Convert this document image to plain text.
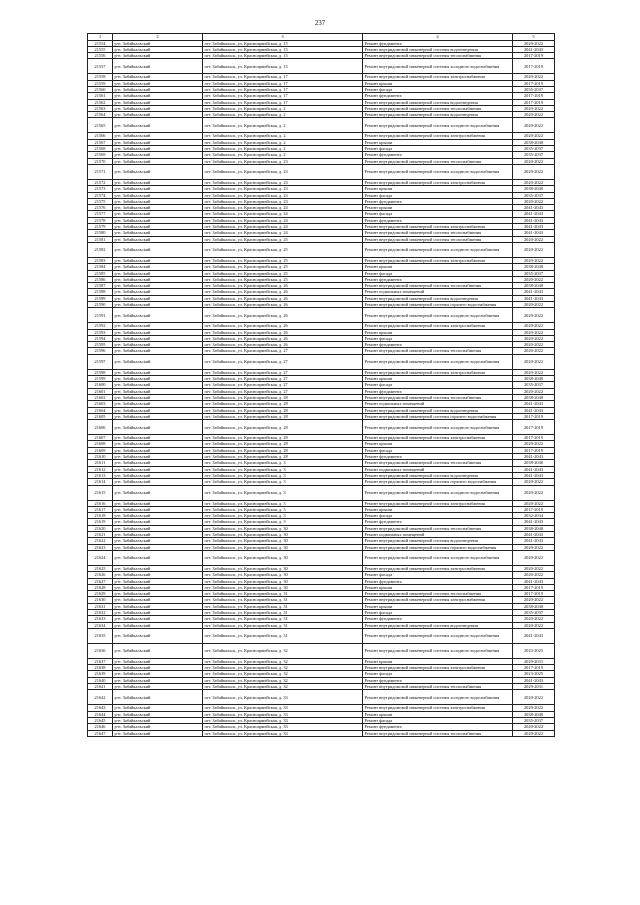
237
1	2	3	4	5
21554	р-н. Забайкальский	пгт. Забайкальск, ул. Красноармейская, д. 15	Ремонт фундамента	2020-2022
21555	р-н. Забайкальский	пгт. Забайкальск, ул. Красноармейская, д. 15	Ремонт внутридомовой инженерной системы водоотведения	2041-2043
21556	р-н. Забайкальский	пгт. Забайкальск, ул. Красноармейская, д. 15	Ремонт внутридомовой инженерной системы теплоснабжения	2017-2019
21557	р-н. Забайкальский	пгт. Забайкальск, ул. Красноармейская, д. 15	Ремонт внутридомовой инженерной системы холодного водоснабжения	2017-2019
21558	р-н. Забайкальский	пгт. Забайкальск, ул. Красноармейская, д. 17	Ремонт внутридомовой инженерной системы электроснабжения	2020-2022
21559	р-н. Забайкальский	пгт. Забайкальск, ул. Красноармейская, д. 17	Ремонт крыши	2017-2019
21560	р-н. Забайкальский	пгт. Забайкальск, ул. Красноармейская, д. 17	Ремонт фасада	2035-2037
21561	р-н. Забайкальский	пгт. Забайкальск, ул. Красноармейская, д. 17	Ремонт фундамента	2017-2019
21562	р-н. Забайкальский	пгт. Забайкальск, ул. Красноармейская, д. 17	Ремонт внутридомовой инженерной системы водоотведения	2017-2019
21563	р-н. Забайкальский	пгт. Забайкальск, ул. Красноармейская, д. 2	Ремонт внутридомовой инженерной системы теплоснабжения	2020-2022
21564	р-н. Забайкальский	пгт. Забайкальск, ул. Красноармейская, д. 2	Ремонт внутридомовой инженерной системы водоотведения	2020-2022
21565	р-н. Забайкальский	пгт. Забайкальск, ул. Красноармейская, д. 2	Ремонт внутридомовой инженерной системы холодного водоснабжения	2020-2022
21566	р-н. Забайкальский	пгт. Забайкальск, ул. Красноармейская, д. 2	Ремонт внутридомовой инженерной системы электроснабжения	2020-2022
21567	р-н. Забайкальский	пгт. Забайкальск, ул. Красноармейская, д. 2	Ремонт крыши	2038-2040
21568	р-н. Забайкальский	пгт. Забайкальск, ул. Красноармейская, д. 2	Ремонт фасада	2035-2037
21569	р-н. Забайкальский	пгт. Забайкальск, ул. Красноармейская, д. 2	Ремонт фундамента	2035-2037
21570	р-н. Забайкальский	пгт. Забайкальск, ул. Красноармейская, д. 23	Ремонт внутридомовой инженерной системы теплоснабжения	2020-2022
21571	р-н. Забайкальский	пгт. Забайкальск, ул. Красноармейская, д. 23	Ремонт внутридомовой инженерной системы холодного водоснабжения	2020-2022
21572	р-н. Забайкальский	пгт. Забайкальск, ул. Красноармейская, д. 23	Ремонт внутридомовой инженерной системы электроснабжения	2020-2022
21573	р-н. Забайкальский	пгт. Забайкальск, ул. Красноармейская, д. 23	Ремонт крыши	2038-2040
21574	р-н. Забайкальский	пгт. Забайкальск, ул. Красноармейская, д. 23	Ремонт фасада	2035-2037
21575	р-н. Забайкальский	пгт. Забайкальск, ул. Красноармейская, д. 23	Ремонт фундамента	2020-2022
21576	р-н. Забайкальский	пгт. Забайкальск, ул. Красноармейская, д. 24	Ремонт крыши	2041-2043
21577	р-н. Забайкальский	пгт. Забайкальск, ул. Красноармейская, д. 24	Ремонт фасада	2041-2043
21578	р-н. Забайкальский	пгт. Забайкальск, ул. Красноармейская, д. 24	Ремонт фундамента	2041-2043
21579	р-н. Забайкальский	пгт. Забайкальск, ул. Красноармейская, д. 24	Ремонт внутридомовой инженерной системы электроснабжения	2041-2043
21580	р-н. Забайкальский	пгт. Забайкальск, ул. Красноармейская, д. 24	Ремонт внутридомовой инженерной системы теплоснабжения	2041-2043
21581	р-н. Забайкальский	пгт. Забайкальск, ул. Красноармейская, д. 25	Ремонт внутридомовой инженерной системы теплоснабжения	2020-2022
21582	р-н. Забайкальский	пгт. Забайкальск, ул. Красноармейская, д. 25	Ремонт внутридомовой инженерной системы холодного водоснабжения	2020-2022
21583	р-н. Забайкальский	пгт. Забайкальск, ул. Красноармейская, д. 25	Ремонт внутридомовой инженерной системы электроснабжения	2020-2022
21584	р-н. Забайкальский	пгт. Забайкальск, ул. Красноармейская, д. 25	Ремонт крыши	2038-2040
21585	р-н. Забайкальский	пгт. Забайкальск, ул. Красноармейская, д. 25	Ремонт фасада	2035-2037
21586	р-н. Забайкальский	пгт. Забайкальск, ул. Красноармейская, д. 25	Ремонт фундамента	2020-2022
21587	р-н. Забайкальский	пгт. Забайкальск, ул. Красноармейская, д. 26	Ремонт внутридомовой инженерной системы теплоснабжения	2038-2040
21588	р-н. Забайкальский	пгт. Забайкальск, ул. Красноармейская, д. 26	Ремонт подвальных помещений	2041-2043
21589	р-н. Забайкальский	пгт. Забайкальск, ул. Красноармейская, д. 26	Ремонт внутридомовой инженерной системы водоотведения	2041-2043
21590	р-н. Забайкальский	пгт. Забайкальск, ул. Красноармейская, д. 26	Ремонт внутридомовой инженерной системы горячего водоснабжения	2020-2022
21591	р-н. Забайкальский	пгт. Забайкальск, ул. Красноармейская, д. 26	Ремонт внутридомовой инженерной системы холодного водоснабжения	2020-2022
21592	р-н. Забайкальский	пгт. Забайкальск, ул. Красноармейская, д. 26	Ремонт внутридомовой инженерной системы электроснабжения	2020-2022
21593	р-н. Забайкальский	пгт. Забайкальск, ул. Красноармейская, д. 26	Ремонт крыши	2020-2022
21594	р-н. Забайкальский	пгт. Забайкальск, ул. Красноармейская, д. 26	Ремонт фасада	2020-2022
21595	р-н. Забайкальский	пгт. Забайкальск, ул. Красноармейская, д. 26	Ремонт фундамента	2020-2022
21596	р-н. Забайкальский	пгт. Забайкальск, ул. Красноармейская, д. 27	Ремонт внутридомовой инженерной системы теплоснабжения	2020-2022
21597	р-н. Забайкальский	пгт. Забайкальск, ул. Красноармейская, д. 27	Ремонт внутридомовой инженерной системы холодного водоснабжения	2020-2022
21598	р-н. Забайкальский	пгт. Забайкальск, ул. Красноармейская, д. 27	Ремонт внутридомовой инженерной системы электроснабжения	2020-2022
21599	р-н. Забайкальский	пгт. Забайкальск, ул. Красноармейская, д. 27	Ремонт крыши	2038-2040
21600	р-н. Забайкальский	пгт. Забайкальск, ул. Красноармейская, д. 27	Ремонт фасада	2035-2037
21601	р-н. Забайкальский	пгт. Забайкальск, ул. Красноармейская, д. 27	Ремонт фундамента	2020-2022
21602	р-н. Забайкальский	пгт. Забайкальск, ул. Красноармейская, д. 28	Ремонт внутридомовой инженерной системы теплоснабжения	2038-2040
21603	р-н. Забайкальский	пгт. Забайкальск, ул. Красноармейская, д. 28	Ремонт подвальных помещений	2041-2043
21604	р-н. Забайкальский	пгт. Забайкальск, ул. Красноармейская, д. 28	Ремонт внутридомовой инженерной системы водоотведения	2041-2043
21605	р-н. Забайкальский	пгт. Забайкальск, ул. Красноармейская, д. 28	Ремонт внутридомовой инженерной системы горячего водоснабжения	2017-2019
21606	р-н. Забайкальский	пгт. Забайкальск, ул. Красноармейская, д. 28	Ремонт внутридомовой инженерной системы холодного водоснабжения	2017-2019
21607	р-н. Забайкальский	пгт. Забайкальск, ул. Красноармейская, д. 28	Ремонт внутридомовой инженерной системы электроснабжения	2017-2019
21608	р-н. Забайкальский	пгт. Забайкальск, ул. Красноармейская, д. 28	Ремонт крыши	2020-2022
21609	р-н. Забайкальский	пгт. Забайкальск, ул. Красноармейская, д. 28	Ремонт фасада	2017-2019
21610	р-н. Забайкальский	пгт. Забайкальск, ул. Красноармейская, д. 28	Ремонт фундамента	2041-2043
21611	р-н. Забайкальский	пгт. Забайкальск, ул. Красноармейская, д. 3	Ремонт внутридомовой инженерной системы теплоснабжения	2038-2040
21612	р-н. Забайкальский	пгт. Забайкальск, ул. Красноармейская, д. 3	Ремонт подвальных помещений	2041-2043
21613	р-н. Забайкальский	пгт. Забайкальск, ул. Красноармейская, д. 3	Ремонт внутридомовой инженерной системы водоотведения	2041-2043
21614	р-н. Забайкальский	пгт. Забайкальск, ул. Красноармейская, д. 3	Ремонт внутридомовой инженерной системы горячего водоснабжения	2020-2022
21615	р-н. Забайкальский	пгт. Забайкальск, ул. Красноармейская, д. 3	Ремонт внутридомовой инженерной системы холодного водоснабжения	2020-2022
21616	р-н. Забайкальский	пгт. Забайкальск, ул. Красноармейская, д. 3	Ремонт внутридомовой инженерной системы электроснабжения	2020-2022
21617	р-н. Забайкальский	пгт. Забайкальск, ул. Красноармейская, д. 3	Ремонт крыши	2017-2019
21618	р-н. Забайкальский	пгт. Забайкальск, ул. Красноармейская, д. 3	Ремонт фасада	2032-2034
21619	р-н. Забайкальский	пгт. Забайкальск, ул. Красноармейская, д. 3	Ремонт фундамента	2041-2043
21620	р-н. Забайкальский	пгт. Забайкальск, ул. Красноармейская, д. 30	Ремонт внутридомовой инженерной системы теплоснабжения	2038-2040
21621	р-н. Забайкальский	пгт. Забайкальск, ул. Красноармейская, д. 30	Ремонт подвальных помещений	2041-2043
21622	р-н. Забайкальский	пгт. Забайкальск, ул. Красноармейская, д. 30	Ремонт внутридомовой инженерной системы водоотведения	2041-2043
21623	р-н. Забайкальский	пгт. Забайкальск, ул. Красноармейская, д. 30	Ремонт внутридомовой инженерной системы горячего водоснабжения	2020-2022
21624	р-н. Забайкальский	пгт. Забайкальск, ул. Красноармейская, д. 30	Ремонт внутридомовой инженерной системы холодного водоснабжения	2020-2022
21625	р-н. Забайкальский	пгт. Забайкальск, ул. Красноармейская, д. 30	Ремонт внутридомовой инженерной системы электроснабжения	2020-2022
21626	р-н. Забайкальский	пгт. Забайкальск, ул. Красноармейская, д. 30	Ремонт фасада	2020-2022
21627	р-н. Забайкальский	пгт. Забайкальск, ул. Красноармейская, д. 30	Ремонт фундамента	2041-2043
21628	р-н. Забайкальский	пгт. Забайкальск, ул. Красноармейская, д. 30	Ремонт крыши	2017-2019
21629	р-н. Забайкальский	пгт. Забайкальск, ул. Красноармейская, д. 31	Ремонт внутридомовой инженерной системы теплоснабжения	2017-2019
21630	р-н. Забайкальский	пгт. Забайкальск, ул. Красноармейская, д. 31	Ремонт внутридомовой инженерной системы электроснабжения	2020-2022
21631	р-н. Забайкальский	пгт. Забайкальск, ул. Красноармейская, д. 31	Ремонт крыши	2038-2040
21632	р-н. Забайкальский	пгт. Забайкальск, ул. Красноармейская, д. 31	Ремонт фасада	2035-2037
21633	р-н. Забайкальский	пгт. Забайкальск, ул. Красноармейская, д. 31	Ремонт фундамента	2020-2022
21634	р-н. Забайкальский	пгт. Забайкальск, ул. Красноармейская, д. 31	Ремонт внутридомовой инженерной системы водоотведения	2020-2022
21635	р-н. Забайкальский	пгт. Забайкальск, ул. Красноармейская, д. 31	Ремонт внутридомовой инженерной системы холодного водоснабжения	2041-2043
21636	р-н. Забайкальский	пгт. Забайкальск, ул. Красноармейская, д. 32	Ремонт внутридомовой инженерной системы холодного водоснабжения	2023-2025
21637	р-н. Забайкальский	пгт. Забайкальск, ул. Красноармейская, д. 32	Ремонт крыши	2029-2031
21638	р-н. Забайкальский	пгт. Забайкальск, ул. Красноармейская, д. 32	Ремонт внутридомовой инженерной системы электроснабжения	2017-2019
21639	р-н. Забайкальский	пгт. Забайкальск, ул. Красноармейская, д. 32	Ремонт фасада	2023-2025
21640	р-н. Забайкальский	пгт. Забайкальск, ул. Красноармейская, д. 32	Ремонт фундамента	2041-2043
21641	р-н. Забайкальский	пгт. Забайкальск, ул. Красноармейская, д. 32	Ремонт внутридомовой инженерной системы теплоснабжения	2029-2031
21642	р-н. Забайкальский	пгт. Забайкальск, ул. Красноармейская, д. 33	Ремонт внутридомовой инженерной системы холодного водоснабжения	2020-2022
21643	р-н. Забайкальский	пгт. Забайкальск, ул. Красноармейская, д. 33	Ремонт внутридомовой инженерной системы электроснабжения	2020-2022
21644	р-н. Забайкальский	пгт. Забайкальск, ул. Красноармейская, д. 33	Ремонт крыши	2038-2040
21645	р-н. Забайкальский	пгт. Забайкальск, ул. Красноармейская, д. 33	Ремонт фасада	2035-2037
21646	р-н. Забайкальский	пгт. Забайкальск, ул. Красноармейская, д. 33	Ремонт фундамента	2020-2022
21647	р-н. Забайкальский	пгт. Забайкальск, ул. Красноармейская, д. 33	Ремонт внутридомовой инженерной системы теплоснабжения	2020-2022
